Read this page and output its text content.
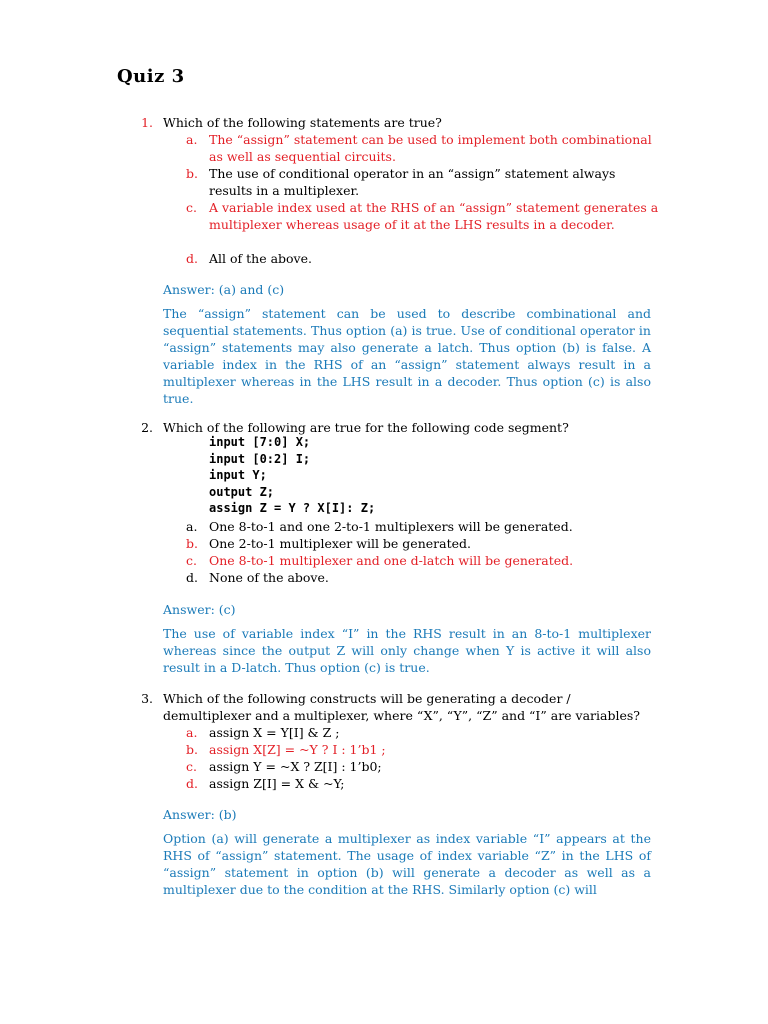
Quiz 3
1. Which of the following statements are true?
a. The “assign” statement can be used to implement both combinational as well as sequential circuits.
b. The use of conditional operator in an “assign” statement always results in a multiplexer.
c. A variable index used at the RHS of an “assign” statement generates a multiplexer whereas usage of it at the LHS results in a decoder.
d. All of the above.
Answer: (a) and (c)

The “assign” statement can be used to describe combinational and sequential statements. Thus option (a) is true. Use of conditional operator in “assign” statements may also generate a latch. Thus option (b) is false. A variable index in the RHS of an “assign” statement always result in a multiplexer whereas in the LHS result in a decoder. Thus option (c) is also true.

2. Which of the following are true for the following code segment?
input [7:0] X;
input [0:2] I;
input Y;
output Z;
assign Z = Y ? X[I]: Z;
a. One 8-to-1 and one 2-to-1 multiplexers will be generated.
b. One 2-to-1 multiplexer will be generated.
c. One 8-to-1 multiplexer and one d-latch will be generated.
d. None of the above.
Answer: (c)

The use of variable index “I” in the RHS result in an 8-to-1 multiplexer whereas since the output Z will only change when Y is active it will also result in a D-latch. Thus option (c) is true.

3. Which of the following constructs will be generating a decoder / demultiplexer and a multiplexer, where “X”, “Y”, “Z” and “I” are variables?
a. assign X = Y[I] & Z ;
b. assign X[Z] = ~Y ? I : 1’b1 ;
c. assign Y = ~X ? Z[I] : 1’b0;
d. assign Z[I] = X & ~Y;
Answer: (b)

Option (a) will generate a multiplexer as index variable “I” appears at the RHS of “assign” statement. The usage of index variable “Z” in the LHS of “assign” statement in option (b) will generate a decoder as well as a multiplexer due to the condition at the RHS. Similarly option (c) will
